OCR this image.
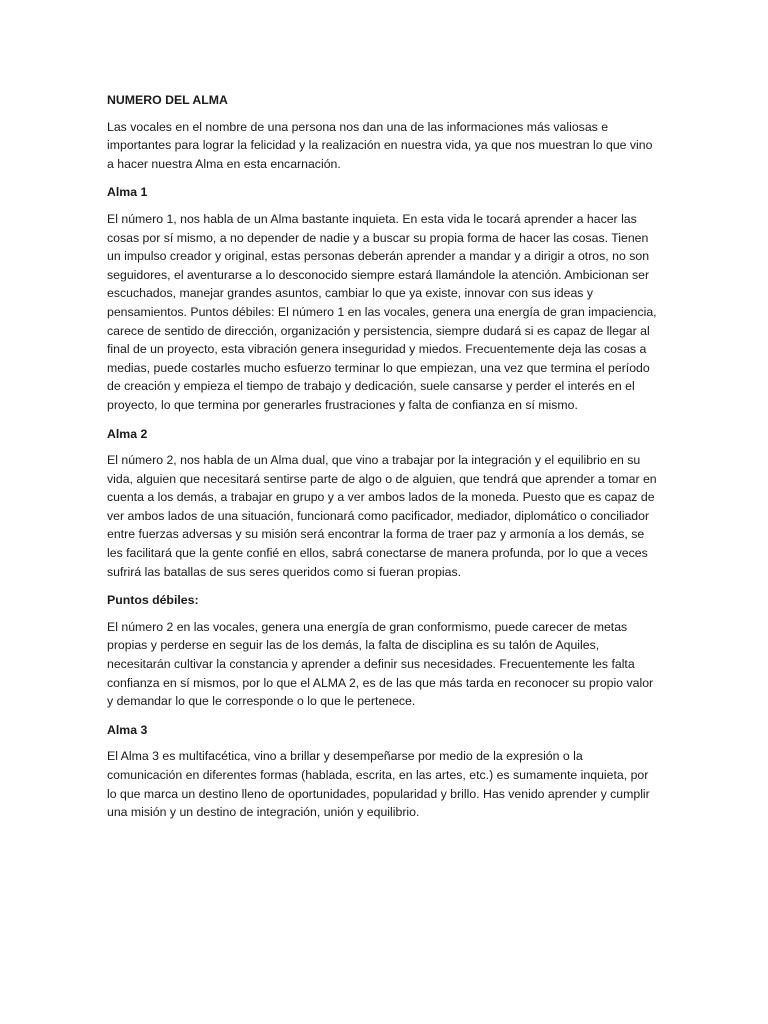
NUMERO DEL ALMA

Las vocales en el nombre de una persona nos dan una de las informaciones más valiosas e importantes para lograr la felicidad y la realización en nuestra vida, ya que nos muestran lo que vino a hacer nuestra Alma en esta encarnación.

Alma 1

El número 1, nos habla de un Alma bastante inquieta. En esta vida le tocará aprender a hacer las cosas por sí mismo, a no depender de nadie y a buscar su propia forma de hacer las cosas. Tienen un impulso creador y original, estas personas deberán aprender a mandar y a dirigir a otros, no son seguidores, el aventurarse a lo desconocido siempre estará llamándole la atención. Ambicionan ser escuchados, manejar grandes asuntos, cambiar lo que ya existe, innovar con sus ideas y pensamientos. Puntos débiles: El número 1 en las vocales, genera una energía de gran impaciencia, carece de sentido de dirección, organización y persistencia, siempre dudará si es capaz de llegar al final de un proyecto, esta vibración genera inseguridad y miedos. Frecuentemente deja las cosas a medias, puede costarles mucho esfuerzo terminar lo que empiezan, una vez que termina el período de creación y empieza el tiempo de trabajo y dedicación, suele cansarse y perder el interés en el proyecto, lo que termina por generarles frustraciones y falta de confianza en sí mismo.

Alma 2

El número 2, nos habla de un Alma dual, que vino a trabajar por la integración y el equilibrio en su vida, alguien que necesitará sentirse parte de algo o de alguien, que tendrá que aprender a tomar en cuenta a los demás, a trabajar en grupo y a ver ambos lados de la moneda. Puesto que es capaz de ver ambos lados de una situación, funcionará como pacificador, mediador, diplomático o conciliador entre fuerzas adversas y su misión será encontrar la forma de traer paz y armonía a los demás, se les facilitará que la gente confié en ellos, sabrá conectarse de manera profunda, por lo que a veces sufrirá las batallas de sus seres queridos como si fueran propias.

Puntos débiles:

El número 2 en las vocales, genera una energía de gran conformismo, puede carecer de metas propias y perderse en seguir las de los demás, la falta de disciplina es su talón de Aquiles, necesitarán cultivar la constancia y aprender a definir sus necesidades. Frecuentemente les falta confianza en sí mismos, por lo que el ALMA 2, es de las que más tarda en reconocer su propio valor y demandar lo que le corresponde o lo que le pertenece.

Alma 3

El Alma 3 es multifacética, vino a brillar y desempeñarse por medio de la expresión o la comunicación en diferentes formas (hablada, escrita, en las artes, etc.) es sumamente inquieta, por lo que marca un destino lleno de oportunidades, popularidad y brillo. Has venido aprender y cumplir una misión y un destino de integración, unión y equilibrio.
